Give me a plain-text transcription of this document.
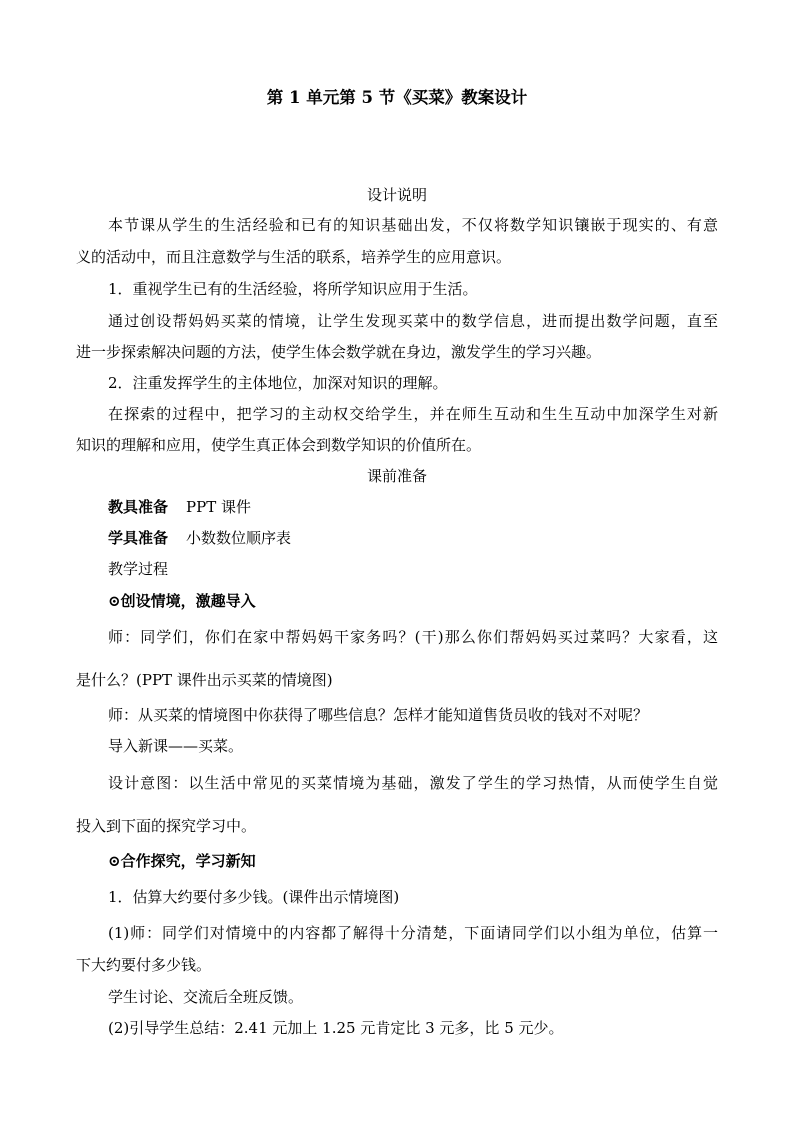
第 1 单元第 5 节《买菜》教案设计
设计说明
本节课从学生的生活经验和已有的知识基础出发，不仅将数学知识镶嵌于现实的、有意
义的活动中，而且注意数学与生活的联系，培养学生的应用意识。
1．重视学生已有的生活经验，将所学知识应用于生活。
通过创设帮妈妈买菜的情境，让学生发现买菜中的数学信息，进而提出数学问题，直至
进一步探索解决问题的方法，使学生体会数学就在身边，激发学生的学习兴趣。
2．注重发挥学生的主体地位，加深对知识的理解。
在探索的过程中，把学习的主动权交给学生，并在师生互动和生生互动中加深学生对新
知识的理解和应用，使学生真正体会到数学知识的价值所在。
课前准备
教具准备 PPT 课件
学具准备 小数数位顺序表
教学过程
⊙创设情境，激趣导入
师：同学们，你们在家中帮妈妈干家务吗？(干)那么你们帮妈妈买过菜吗？大家看，这
是什么？(PPT 课件出示买菜的情境图)
师：从买菜的情境图中你获得了哪些信息？怎样才能知道售货员收的钱对不对呢？
导入新课——买菜。
设计意图：以生活中常见的买菜情境为基础，激发了学生的学习热情，从而使学生自觉
投入到下面的探究学习中。
⊙合作探究，学习新知
1．估算大约要付多少钱。(课件出示情境图)
(1)师：同学们对情境中的内容都了解得十分清楚，下面请同学们以小组为单位，估算一
下大约要付多少钱。
学生讨论、交流后全班反馈。
(2)引导学生总结：2.41 元加上 1.25 元肯定比 3 元多，比 5 元少。
